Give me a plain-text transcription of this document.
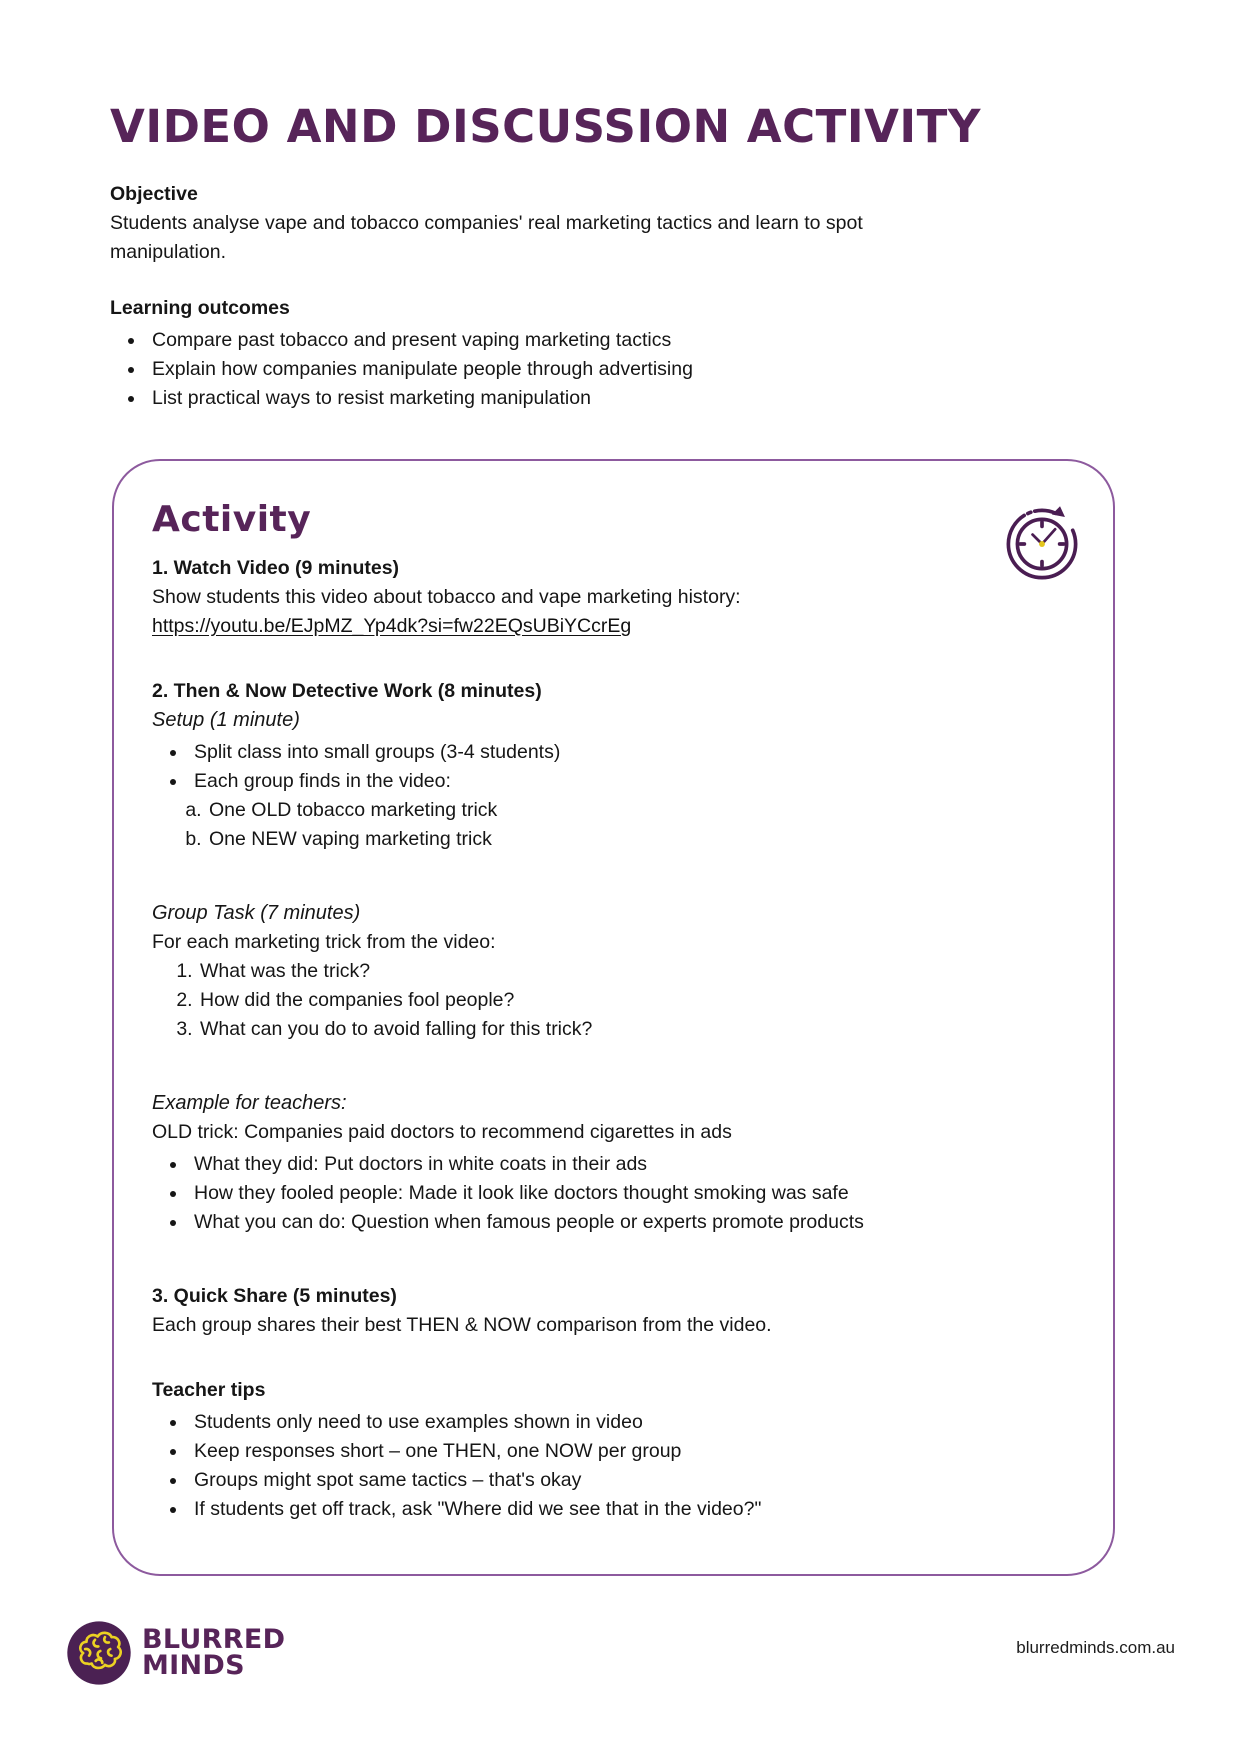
VIDEO AND DISCUSSION ACTIVITY

Objective

Students analyse vape and tobacco companies' real marketing tactics and learn to spot manipulation.

Learning outcomes

• Compare past tobacco and present vaping marketing tactics
• Explain how companies manipulate people through advertising
• List practical ways to resist marketing manipulation
Activity

1. Watch Video (9 minutes)

Show students this video about tobacco and vape marketing history:

https://youtu.be/EJpMZ_Yp4dk?si=fw22EQsUBiYCcrEg

2. Then & Now Detective Work (8 minutes)

Setup (1 minute)

• Split class into small groups (3-4 students)
• Each group finds in the video:
a. One OLD tobacco marketing trick
b. One NEW vaping marketing trick

Group Task (7 minutes)

For each marketing trick from the video:

1. What was the trick?
2. How did the companies fool people?
3. What can you do to avoid falling for this trick?

Example for teachers:

OLD trick: Companies paid doctors to recommend cigarettes in ads

• What they did: Put doctors in white coats in their ads
• How they fooled people: Made it look like doctors thought smoking was safe
• What you can do: Question when famous people or experts promote products

3. Quick Share (5 minutes)

Each group shares their best THEN & NOW comparison from the video.

Teacher tips

• Students only need to use examples shown in video
• Keep responses short – one THEN, one NOW per group
• Groups might spot same tactics – that's okay
• If students get off track, ask "Where did we see that in the video?"
BLURRED
MINDS
blurredminds.com.au
